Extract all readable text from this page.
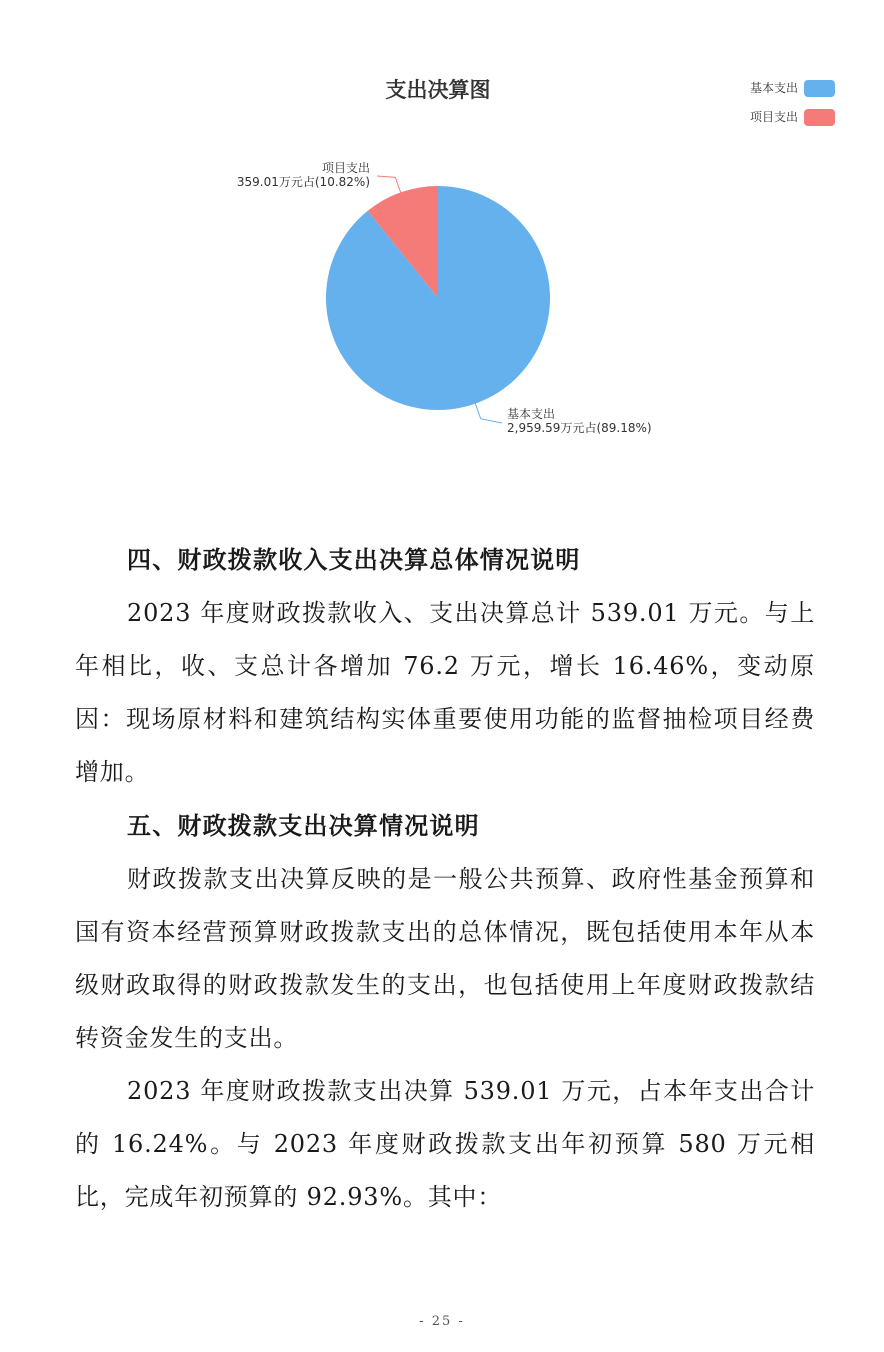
支出决算图	基本支出
项目支出
项目支出
359.01万元占(10.82%)
基本支出
2,959.59万元占(89.18%)

四、财政拨款收入支出决算总体情况说明

2023 年度财政拨款收入、支出决算总计 539.01 万元。与上年相比，收、支总计各增加 76.2 万元，增长 16.46%，变动原因：现场原材料和建筑结构实体重要使用功能的监督抽检项目经费增加。

五、财政拨款支出决算情况说明

财政拨款支出决算反映的是一般公共预算、政府性基金预算和国有资本经营预算财政拨款支出的总体情况，既包括使用本年从本级财政取得的财政拨款发生的支出，也包括使用上年度财政拨款结转资金发生的支出。

2023 年度财政拨款支出决算 539.01 万元，占本年支出合计的 16.24%。与 2023 年度财政拨款支出年初预算 580 万元相比，完成年初预算的 92.93%。其中：

- 25 -
